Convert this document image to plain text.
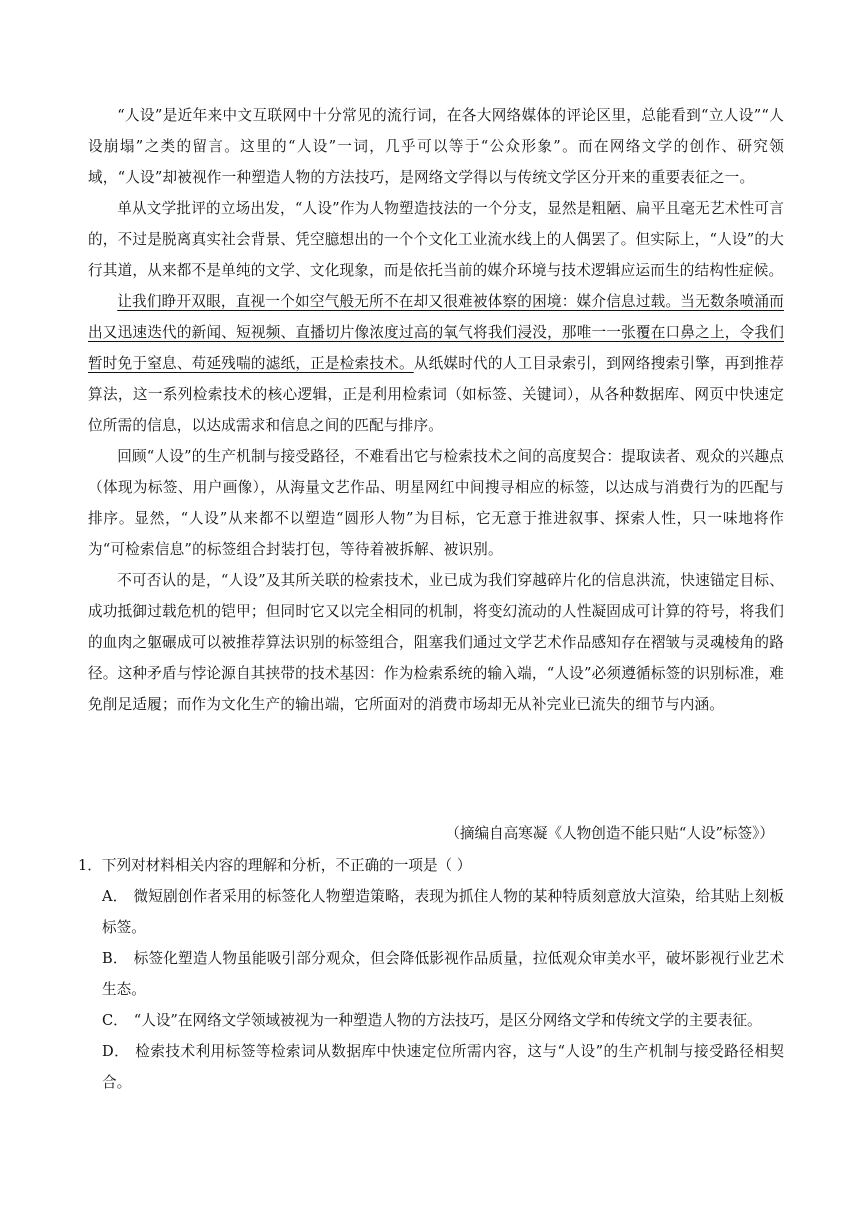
“人设”是近年来中文互联网中十分常见的流行词，在各大网络媒体的评论区里，总能看到“立人设”“人设崩塌”之类的留言。这里的“人设”一词，几乎可以等于“公众形象”。而在网络文学的创作、研究领域，“人设”却被视作一种塑造人物的方法技巧，是网络文学得以与传统文学区分开来的重要表征之一。

单从文学批评的立场出发，“人设”作为人物塑造技法的一个分支，显然是粗陋、扁平且毫无艺术性可言的，不过是脱离真实社会背景、凭空臆想出的一个个文化工业流水线上的人偶罢了。但实际上，“人设”的大行其道，从来都不是单纯的文学、文化现象，而是依托当前的媒介环境与技术逻辑应运而生的结构性症候。

让我们睁开双眼，直视一个如空气般无所不在却又很难被体察的困境：媒介信息过载。当无数条喷涌而出又迅速迭代的新闻、短视频、直播切片像浓度过高的氧气将我们浸没，那唯一一张覆在口鼻之上，令我们暂时免于窒息、苟延残喘的滤纸，正是检索技术。从纸媒时代的人工目录索引，到网络搜索引擎，再到推荐算法，这一系列检索技术的核心逻辑，正是利用检索词（如标签、关键词），从各种数据库、网页中快速定位所需的信息，以达成需求和信息之间的匹配与排序。

回顾“人设”的生产机制与接受路径，不难看出它与检索技术之间的高度契合：提取读者、观众的兴趣点（体现为标签、用户画像），从海量文艺作品、明星网红中间搜寻相应的标签，以达成与消费行为的匹配与排序。显然，“人设”从来都不以塑造“圆形人物”为目标，它无意于推进叙事、探索人性，只一味地将作为“可检索信息”的标签组合封装打包，等待着被拆解、被识别。

不可否认的是，“人设”及其所关联的检索技术，业已成为我们穿越碎片化的信息洪流，快速锚定目标、成功抵御过载危机的铠甲；但同时它又以完全相同的机制，将变幻流动的人性凝固成可计算的符号，将我们的血肉之躯碾成可以被推荐算法识别的标签组合，阻塞我们通过文学艺术作品感知存在褶皱与灵魂棱角的路径。这种矛盾与悖论源自其挟带的技术基因：作为检索系统的输入端，“人设”必须遵循标签的识别标准，难免削足适履；而作为文化生产的输出端，它所面对的消费市场却无从补完业已流失的细节与内涵。

（摘编自高寒凝《人物创造不能只贴“人设”标签》）

1．下列对材料相关内容的理解和分析，不正确的一项是（ ）

A． 微短剧创作者采用的标签化人物塑造策略，表现为抓住人物的某种特质刻意放大渲染，给其贴上刻板标签。

B． 标签化塑造人物虽能吸引部分观众，但会降低影视作品质量，拉低观众审美水平，破坏影视行业艺术生态。

C． “人设”在网络文学领域被视为一种塑造人物的方法技巧，是区分网络文学和传统文学的主要表征。

D． 检索技术利用标签等检索词从数据库中快速定位所需内容，这与“人设”的生产机制与接受路径相契合。
